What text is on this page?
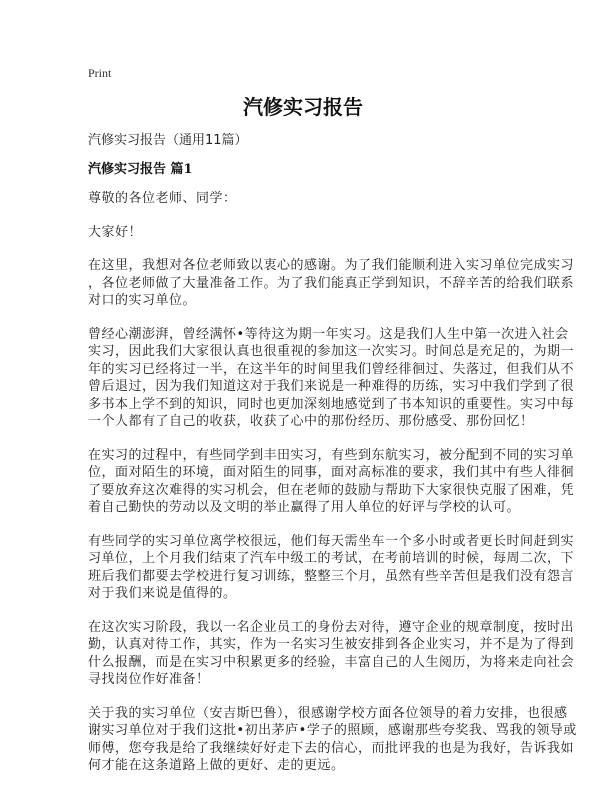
Print
汽修实习报告
汽修实习报告（通用11篇）
汽修实习报告 篇1

尊敬的各位老师、同学：

大家好！

在这里，我想对各位老师致以衷心的感谢。为了我们能顺利进入实习单位完成实习
，各位老师做了大量准备工作。为了我们能真正学到知识，不辞辛苦的给我们联系
对口的实习单位。

曾经心潮澎湃，曾经满怀•等待这为期一年实习。这是我们人生中第一次进入社会
实习，因此我们大家很认真也很重视的参加这一次实习。时间总是充足的，为期一
年的实习已经将过一半，在这半年的时间里我们曾经徘徊过、失落过，但我们从不
曾后退过，因为我们知道这对于我们来说是一种难得的历练，实习中我们学到了很
多书本上学不到的知识，同时也更加深刻地感觉到了书本知识的重要性。实习中每
一个人都有了自己的收获，收获了心中的那份经历、那份感受、那份回忆！

在实习的过程中，有些同学到丰田实习，有些到东航实习，被分配到不同的实习单
位，面对陌生的环境，面对陌生的同事，面对高标准的要求，我们其中有些人徘徊
了要放弃这次难得的实习机会，但在老师的鼓励与帮助下大家很快克服了困难，凭
着自己勤快的劳动以及文明的举止赢得了用人单位的好评与学校的认可。

有些同学的实习单位离学校很远，他们每天需坐车一个多小时或者更长时间赶到实
习单位，上个月我们结束了汽车中级工的考试，在考前培训的时候，每周二次，下
班后我们都要去学校进行复习训练，整整三个月，虽然有些辛苦但是我们没有怨言
对于我们来说是值得的。

在这次实习阶段，我以一名企业员工的身份去对待，遵守企业的规章制度，按时出
勤，认真对待工作，其实，作为一名实习生被安排到各企业实习，并不是为了得到
什么报酬，而是在实习中积累更多的经验，丰富自己的人生阅历，为将来走向社会
寻找岗位作好准备！

关于我的实习单位（安吉斯巴鲁），很感谢学校方面各位领导的着力安排，也很感
谢实习单位对于我们这批•初出茅庐•学子的照顾，感谢那些夸奖我、骂我的领导或
师傅，您夸我是给了我继续好好走下去的信心，而批评我的也是为我好，告诉我如
何才能在这条道路上做的更好、走的更远。
